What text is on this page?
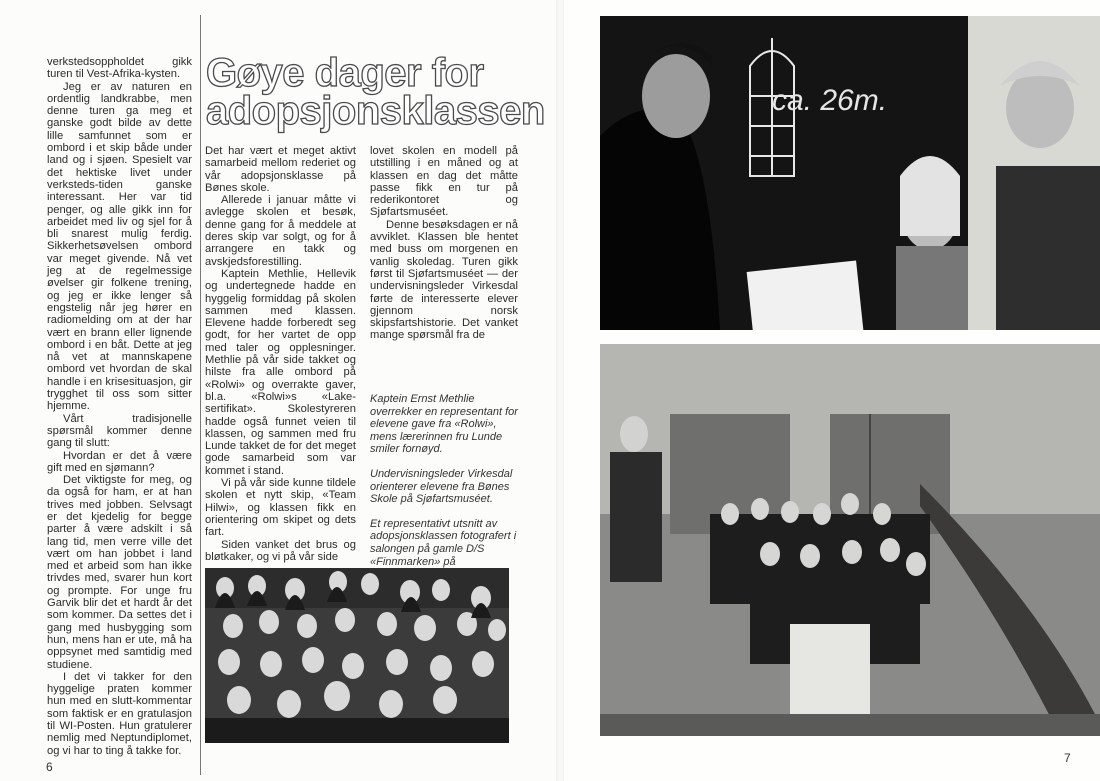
verkstedsoppholdet gikk turen til Vest-Afrika-kysten.

Jeg er av naturen en ordentlig landkrabbe, men denne turen ga meg et ganske godt bilde av dette lille samfunnet som er ombord i et skip både under land og i sjøen. Spesielt var det hektiske livet under verksteds-tiden ganske interessant. Her var tid penger, og alle gikk inn for arbeidet med liv og sjel for å bli snarest mulig ferdig. Sikkerhetsøvelsen ombord var meget givende. Nå vet jeg at de regelmessige øvelser gir folkene trening, og jeg er ikke lenger så engstelig når jeg hører en radiomelding om at der har vært en brann eller lignende ombord i en båt. Dette at jeg nå vet at mannskapene ombord vet hvordan de skal handle i en krisesituasjon, gir trygghet til oss som sitter hjemme.

Vårt tradisjonelle spørsmål kommer denne gang til slutt:

Hvordan er det å være gift med en sjømann?

Det viktigste for meg, og da også for ham, er at han trives med jobben. Selvsagt er det kjedelig for begge parter å være adskilt i så lang tid, men verre ville det vært om han jobbet i land med et arbeid som han ikke trivdes med, svarer hun kort og prompte. For unge fru Garvik blir det et hardt år det som kommer. Da settes det i gang med husbygging som hun, mens han er ute, må ha oppsynet med samtidig med studiene.

I det vi takker for den hyggelige praten kommer hun med en slutt-kommentar som faktisk er en gratulasjon til WI-Posten. Hun gratulerer nemlig med Neptundiplomet, og vi har to ting å takke for.

Gøye dager for
adopsjonsklassen

Det har vært et meget aktivt samarbeid mellom rederiet og vår adopsjonsklasse på Bønes skole.

Allerede i januar måtte vi avlegge skolen et besøk, denne gang for å meddele at deres skip var solgt, og for å arrangere en takk og avskjedsforestilling.

Kaptein Methlie, Hellevik og undertegnede hadde en hyggelig formiddag på skolen sammen med klassen. Elevene hadde forberedt seg godt, for her vartet de opp med taler og opplesninger. Methlie på vår side takket og hilste fra alle ombord på «Rolwi» og overrakte gaver, bl.a. «Rolwi»s «Lake-sertifikat». Skolestyreren hadde også funnet veien til klassen, og sammen med fru Lunde takket de for det meget gode samarbeid som var kommet i stand.

Vi på vår side kunne tildele skolen et nytt skip, «Team Hilwi», og klassen fikk en orientering om skipet og dets fart.

Siden vanket det brus og bløtkaker, og vi på vår side

lovet skolen en modell på utstilling i en måned og at klassen en dag det måtte passe fikk en tur på rederikontoret og Sjøfartsmuséet.

Denne besøksdagen er nå avviklet. Klassen ble hentet med buss om morgenen en vanlig skoledag. Turen gikk først til Sjøfartsmuséet — der undervisningsleder Virkesdal førte de interesserte elever gjennom norsk skipsfartshistorie. Det vanket mange spørsmål fra de

Kaptein Ernst Methlie overrekker en representant for elevene gave fra «Rolwi», mens lærerinnen fru Lunde smiler fornøyd.

Undervisningsleder Virkesdal orienterer elevene fra Bønes Skole på Sjøfartsmuséet.

Et representativt utsnitt av adopsjonsklassen fotografert i salongen på gamle D/S «Finnmarken» på

ca. 26m.
6
7
